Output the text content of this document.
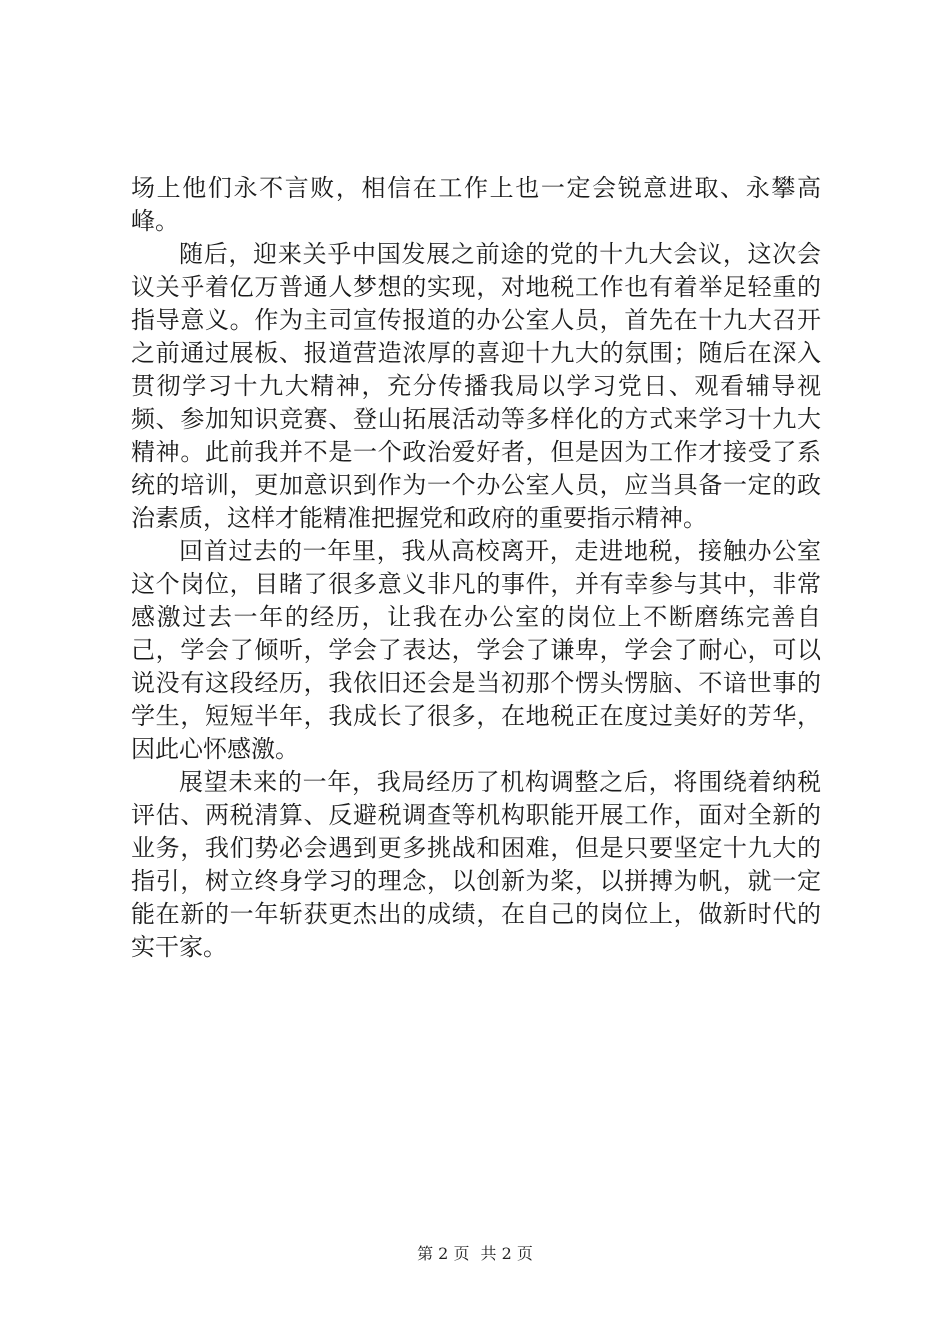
场上他们永不言败，相信在工作上也一定会锐意进取、永攀高峰。

随后，迎来关乎中国发展之前途的党的十九大会议，这次会议关乎着亿万普通人梦想的实现，对地税工作也有着举足轻重的指导意义。作为主司宣传报道的办公室人员，首先在十九大召开之前通过展板、报道营造浓厚的喜迎十九大的氛围；随后在深入贯彻学习十九大精神，充分传播我局以学习党日、观看辅导视频、参加知识竞赛、登山拓展活动等多样化的方式来学习十九大精神。此前我并不是一个政治爱好者，但是因为工作才接受了系统的培训，更加意识到作为一个办公室人员，应当具备一定的政治素质，这样才能精准把握党和政府的重要指示精神。

回首过去的一年里，我从高校离开，走进地税，接触办公室这个岗位，目睹了很多意义非凡的事件，并有幸参与其中，非常感激过去一年的经历，让我在办公室的岗位上不断磨练完善自己，学会了倾听，学会了表达，学会了谦卑，学会了耐心，可以说没有这段经历，我依旧还会是当初那个愣头愣脑、不谙世事的学生，短短半年，我成长了很多，在地税正在度过美好的芳华，因此心怀感激。

展望未来的一年，我局经历了机构调整之后，将围绕着纳税评估、两税清算、反避税调查等机构职能开展工作，面对全新的业务，我们势必会遇到更多挑战和困难，但是只要坚定十九大的指引，树立终身学习的理念，以创新为桨，以拼搏为帆，就一定能在新的一年斩获更杰出的成绩，在自己的岗位上，做新时代的实干家。

第 2 页 共 2 页
